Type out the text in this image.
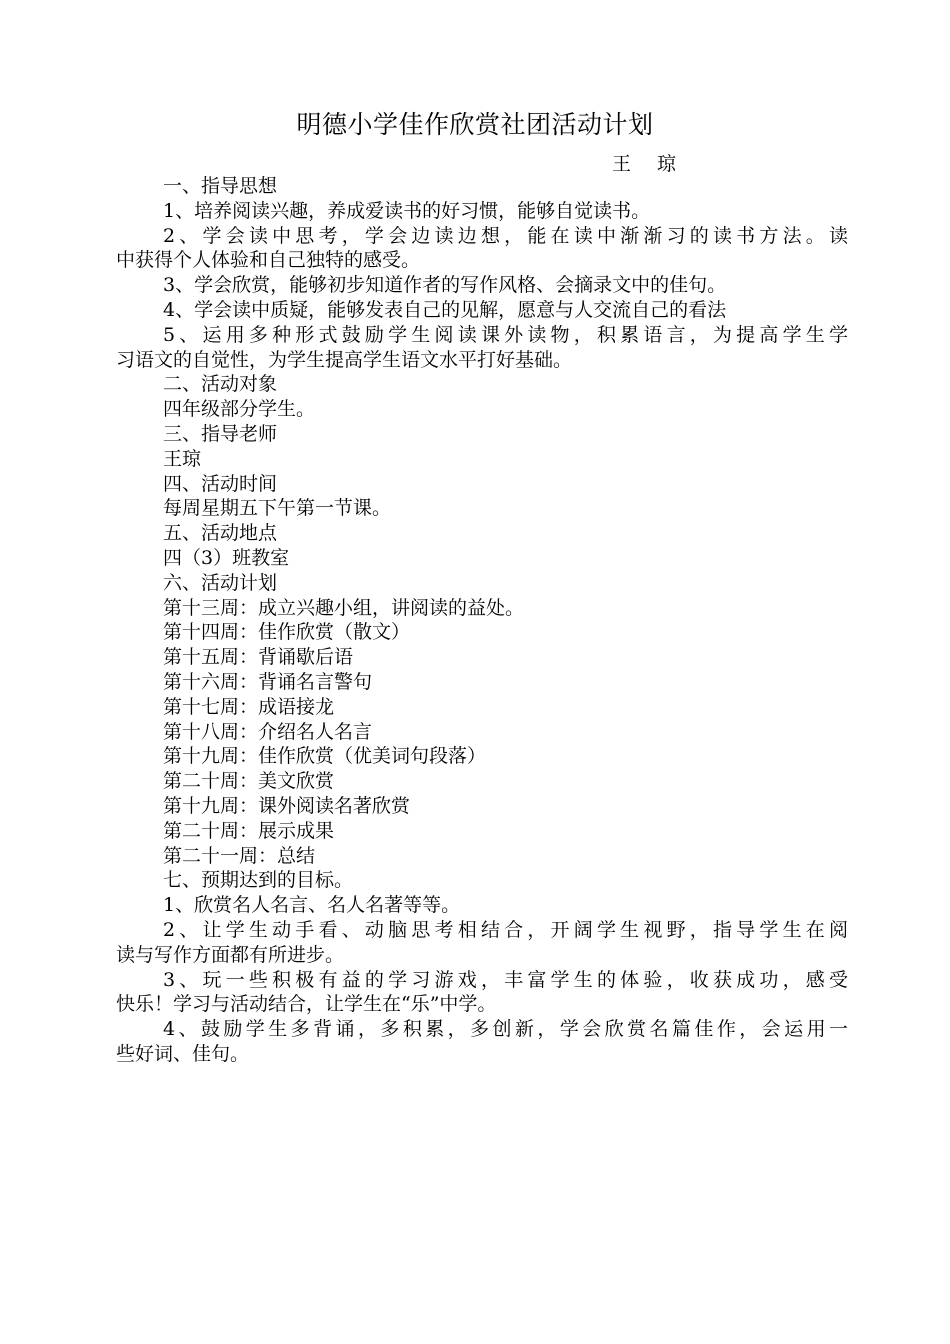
明德小学佳作欣赏社团活动计划
王 琼
一、指导思想
1、培养阅读兴趣，养成爱读书的好习惯，能够自觉读书。
2、学会读中思考，学会边读边想，能在读中渐渐习的读书方法。读
中获得个人体验和自己独特的感受。
3、学会欣赏，能够初步知道作者的写作风格、会摘录文中的佳句。
4、学会读中质疑，能够发表自己的见解，愿意与人交流自己的看法
5、运用多种形式鼓励学生阅读课外读物，积累语言，为提高学生学
习语文的自觉性，为学生提高学生语文水平打好基础。
二、活动对象
四年级部分学生。
三、指导老师
王琼
四、活动时间
每周星期五下午第一节课。
五、活动地点
四（3）班教室
六、活动计划
第十三周：成立兴趣小组，讲阅读的益处。
第十四周：佳作欣赏（散文）
第十五周：背诵歇后语
第十六周：背诵名言警句
第十七周：成语接龙
第十八周：介绍名人名言
第十九周：佳作欣赏（优美词句段落）
第二十周：美文欣赏
第十九周：课外阅读名著欣赏
第二十周：展示成果
第二十一周：总结
七、预期达到的目标。
1、欣赏名人名言、名人名著等等。
2、让学生动手看、动脑思考相结合，开阔学生视野，指导学生在阅
读与写作方面都有所进步。
3、玩一些积极有益的学习游戏，丰富学生的体验，收获成功，感受
快乐！学习与活动结合，让学生在“乐”中学。
4、鼓励学生多背诵，多积累，多创新，学会欣赏名篇佳作，会运用一
些好词、佳句。
